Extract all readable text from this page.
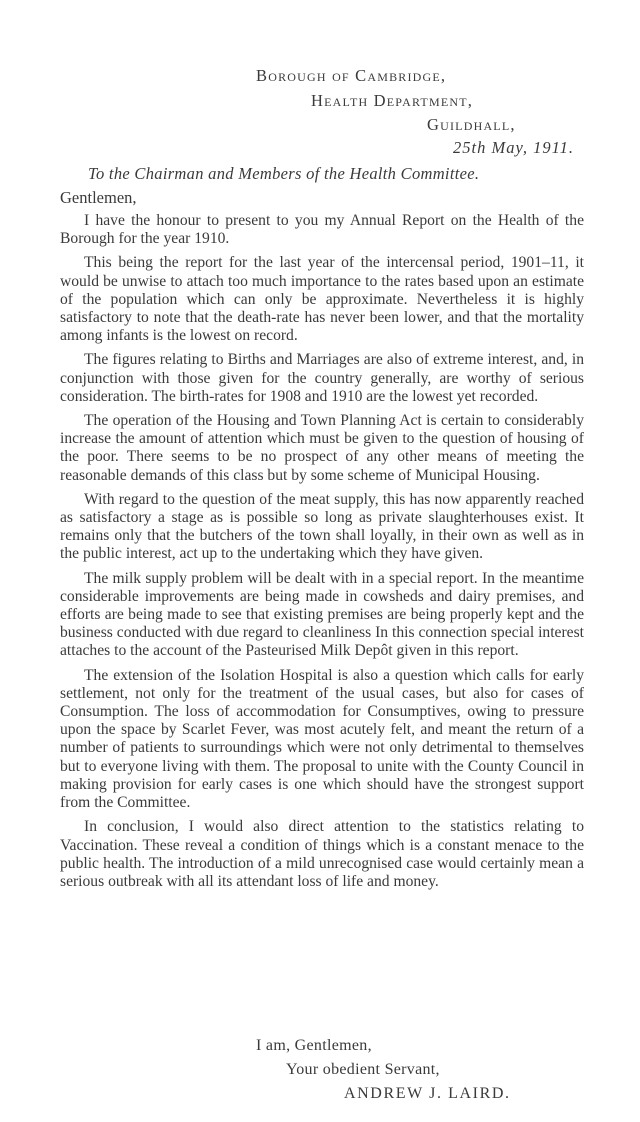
Borough of Cambridge,
Health Department,
Guildhall,
25th May, 1911.
To the Chairman and Members of the Health Committee.
Gentlemen,

I have the honour to present to you my Annual Report on the Health of the Borough for the year 1910.

This being the report for the last year of the intercensal period, 1901–11, it would be unwise to attach too much importance to the rates based upon an estimate of the population which can only be approximate. Nevertheless it is highly satisfactory to note that the death-rate has never been lower, and that the mortality among infants is the lowest on record.

The figures relating to Births and Marriages are also of extreme interest, and, in conjunction with those given for the country generally, are worthy of serious consideration. The birth-rates for 1908 and 1910 are the lowest yet recorded.

The operation of the Housing and Town Planning Act is certain to considerably increase the amount of attention which must be given to the question of housing of the poor. There seems to be no prospect of any other means of meeting the reasonable demands of this class but by some scheme of Municipal Housing.

With regard to the question of the meat supply, this has now apparently reached as satisfactory a stage as is possible so long as private slaughterhouses exist. It remains only that the butchers of the town shall loyally, in their own as well as in the public interest, act up to the undertaking which they have given.

The milk supply problem will be dealt with in a special report. In the meantime considerable improvements are being made in cowsheds and dairy premises, and efforts are being made to see that existing premises are being properly kept and the business conducted with due regard to cleanliness In this connection special interest attaches to the account of the Pasteurised Milk Depôt given in this report.

The extension of the Isolation Hospital is also a question which calls for early settlement, not only for the treatment of the usual cases, but also for cases of Consumption. The loss of accommodation for Consumptives, owing to pressure upon the space by Scarlet Fever, was most acutely felt, and meant the return of a number of patients to surroundings which were not only detrimental to themselves but to everyone living with them. The proposal to unite with the County Council in making provision for early cases is one which should have the strongest support from the Committee.

In conclusion, I would also direct attention to the statistics relating to Vaccination. These reveal a condition of things which is a constant menace to the public health. The introduction of a mild unrecognised case would certainly mean a serious outbreak with all its attendant loss of life and money.

I am, Gentlemen,
Your obedient Servant,
ANDREW J. LAIRD.
